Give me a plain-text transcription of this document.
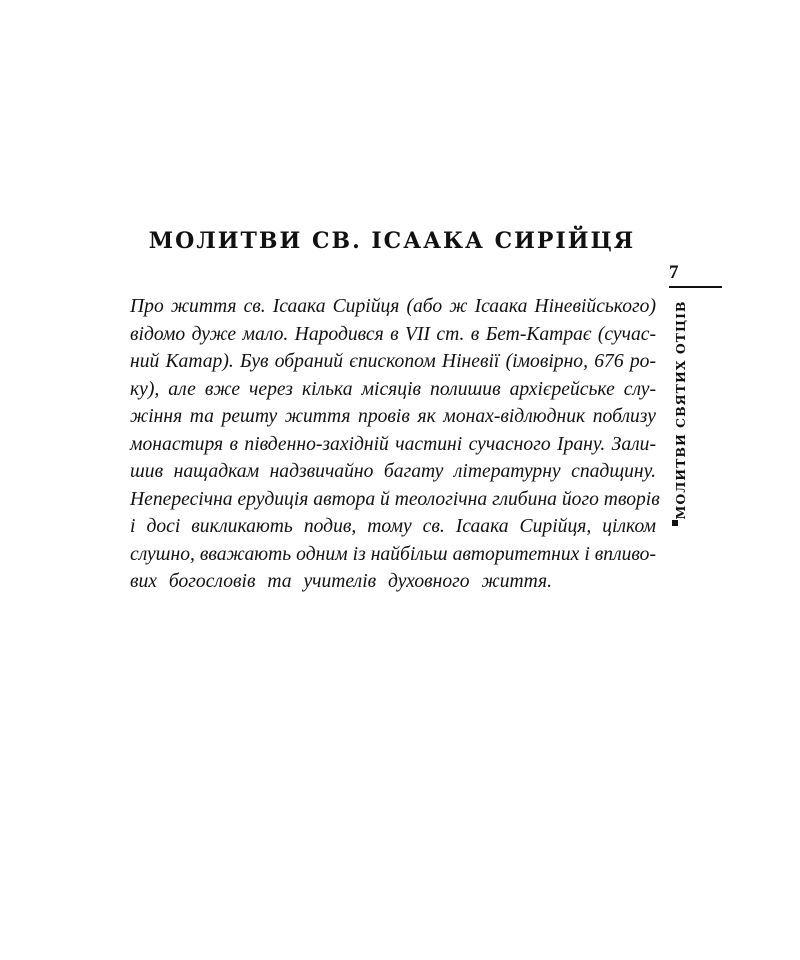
МОЛИТВИ СВ. ІСААКА СИРІЙЦЯ
Про життя св. Ісаака Сирійця (або ж Ісаака Ніневійського)
відомо дуже мало. Народився в VII ст. в Бет-Катрає (сучас-
ний Катар). Був обраний єпископом Ніневії (імовірно, 676 ро-
ку), але вже через кілька місяців полишив архієрейське слу-
жіння та решту життя провів як монах-відлюдник поблизу
монастиря в південно-західній частині сучасного Ірану. Зали-
шив нащадкам надзвичайно багату літературну спадщину.
Непересічна ерудиція автора й теологічна глибина його творів
і досі викликають подив, тому св. Ісаака Сирійця, цілком
слушно, вважають одним із найбільш авторитетних і впливо-
вих богословів та учителів духовного життя.
7
МОЛИТВИ СВЯТИХ ОТЦІВ
